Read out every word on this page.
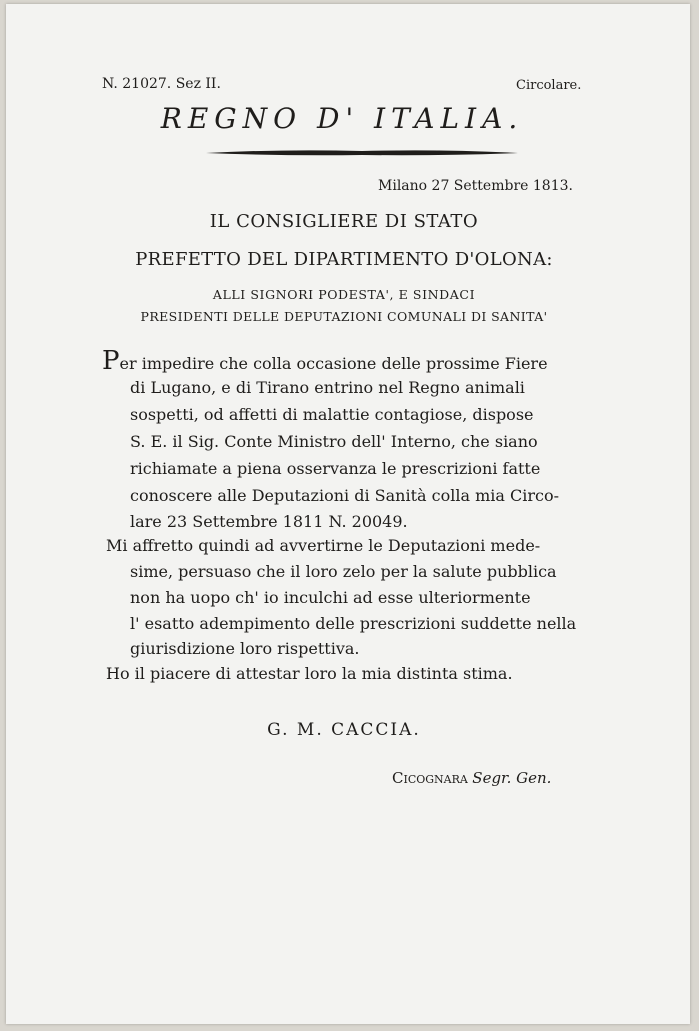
N. 21027. Sez II.	Circolare.
REGNO D' ITALIA.
Milano 27 Settembre 1813.
IL CONSIGLIERE DI STATO
PREFETTO DEL DIPARTIMENTO D'OLONA:
ALLI SIGNORI PODESTA', E SINDACI
PRESIDENTI DELLE DEPUTAZIONI COMUNALI DI SANITA'
Per impedire che colla occasione delle prossime Fiere
di Lugano, e di Tirano entrino nel Regno animali
sospetti, od affetti di malattie contagiose, dispose
S. E. il Sig. Conte Ministro dell' Interno, che siano
richiamate a piena osservanza le prescrizioni fatte
conoscere alle Deputazioni di Sanità colla mia Circo-
lare 23 Settembre 1811 N. 20049.
Mi affretto quindi ad avvertirne le Deputazioni mede-
sime, persuaso che il loro zelo per la salute pubblica
non ha uopo ch' io inculchi ad esse ulteriormente
l' esatto adempimento delle prescrizioni suddette nella
giurisdizione loro rispettiva.
Ho il piacere di attestar loro la mia distinta stima.
G. M. CACCIA.
Cicognara Segr. Gen.
